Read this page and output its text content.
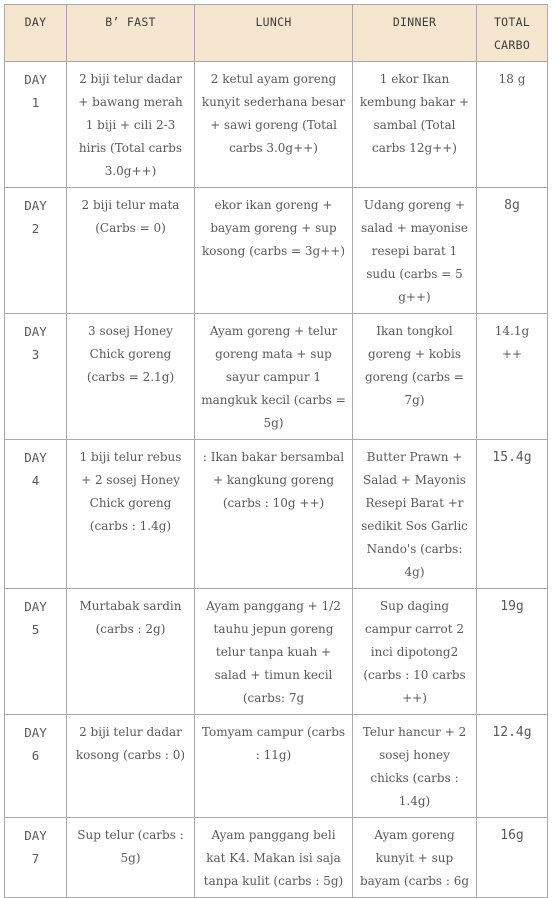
DAY	B’ FAST	LUNCH	DINNER	TOTAL CARBO

DAY
1	2 biji telur dadar + bawang merah 1 biji + cili 2-3 hiris (Total carbs 3.0g++)	2 ketul ayam goreng kunyit sederhana besar + sawi goreng (Total carbs 3.0g++)	1 ekor Ikan kembung bakar + sambal (Total carbs 12g++)	18 g

DAY
2	2 biji telur mata (Carbs = 0)	ekor ikan goreng + bayam goreng + sup kosong (carbs = 3g++)	Udang goreng + salad + mayonise resepi barat 1 sudu (carbs = 5 g++)	8g

DAY
3	3 sosej Honey Chick goreng (carbs = 2.1g)	Ayam goreng + telur goreng mata + sup sayur campur 1 mangkuk kecil (carbs = 5g)	Ikan tongkol goreng + kobis goreng (carbs = 7g)	14.1g ++

DAY
4	1 biji telur rebus + 2 sosej Honey Chick goreng (carbs : 1.4g)	: Ikan bakar bersambal + kangkung goreng (carbs : 10g ++)	Butter Prawn + Salad + Mayonis Resepi Barat +r sedikit Sos Garlic Nando's (carbs: 4g)	15.4g

DAY
5	Murtabak sardin (carbs : 2g)	Ayam panggang + 1/2 tauhu jepun goreng telur tanpa kuah + salad + timun kecil (carbs: 7g	Sup daging campur carrot 2 inci dipotong2 (carbs : 10 carbs ++)	19g

DAY
6	2 biji telur dadar kosong (carbs : 0)	Tomyam campur (carbs : 11g)	Telur hancur + 2 sosej honey chicks (carbs : 1.4g)	12.4g

DAY
7	Sup telur (carbs : 5g)	Ayam panggang beli kat K4. Makan isi saja tanpa kulit (carbs : 5g)	Ayam goreng kunyit + sup bayam (carbs : 6g	16g
